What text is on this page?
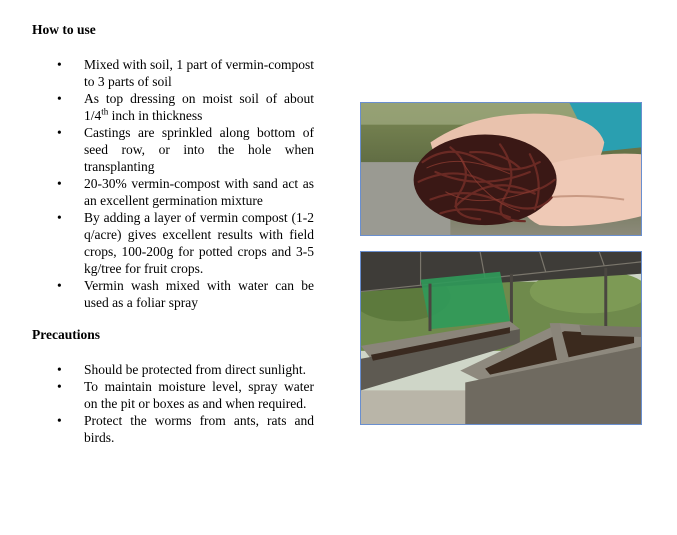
How to use
• Mixed with soil, 1 part of vermin-compost to 3 parts of soil
• As top dressing on moist soil of about 1/4th inch in thickness
• Castings are sprinkled along bottom of seed row, or into the hole when transplanting
• 20-30% vermin-compost with sand act as an excellent germination mixture
• By adding a layer of vermin compost (1-2 q/acre) gives excellent results with field crops, 100-200g for potted crops and 3-5 kg/tree for fruit crops.
• Vermin wash mixed with water can be used as a foliar spray
Precautions
• Should be protected from direct sunlight.
• To maintain moisture level, spray water on the pit or boxes as and when required.
• Protect the worms from ants, rats and birds.
